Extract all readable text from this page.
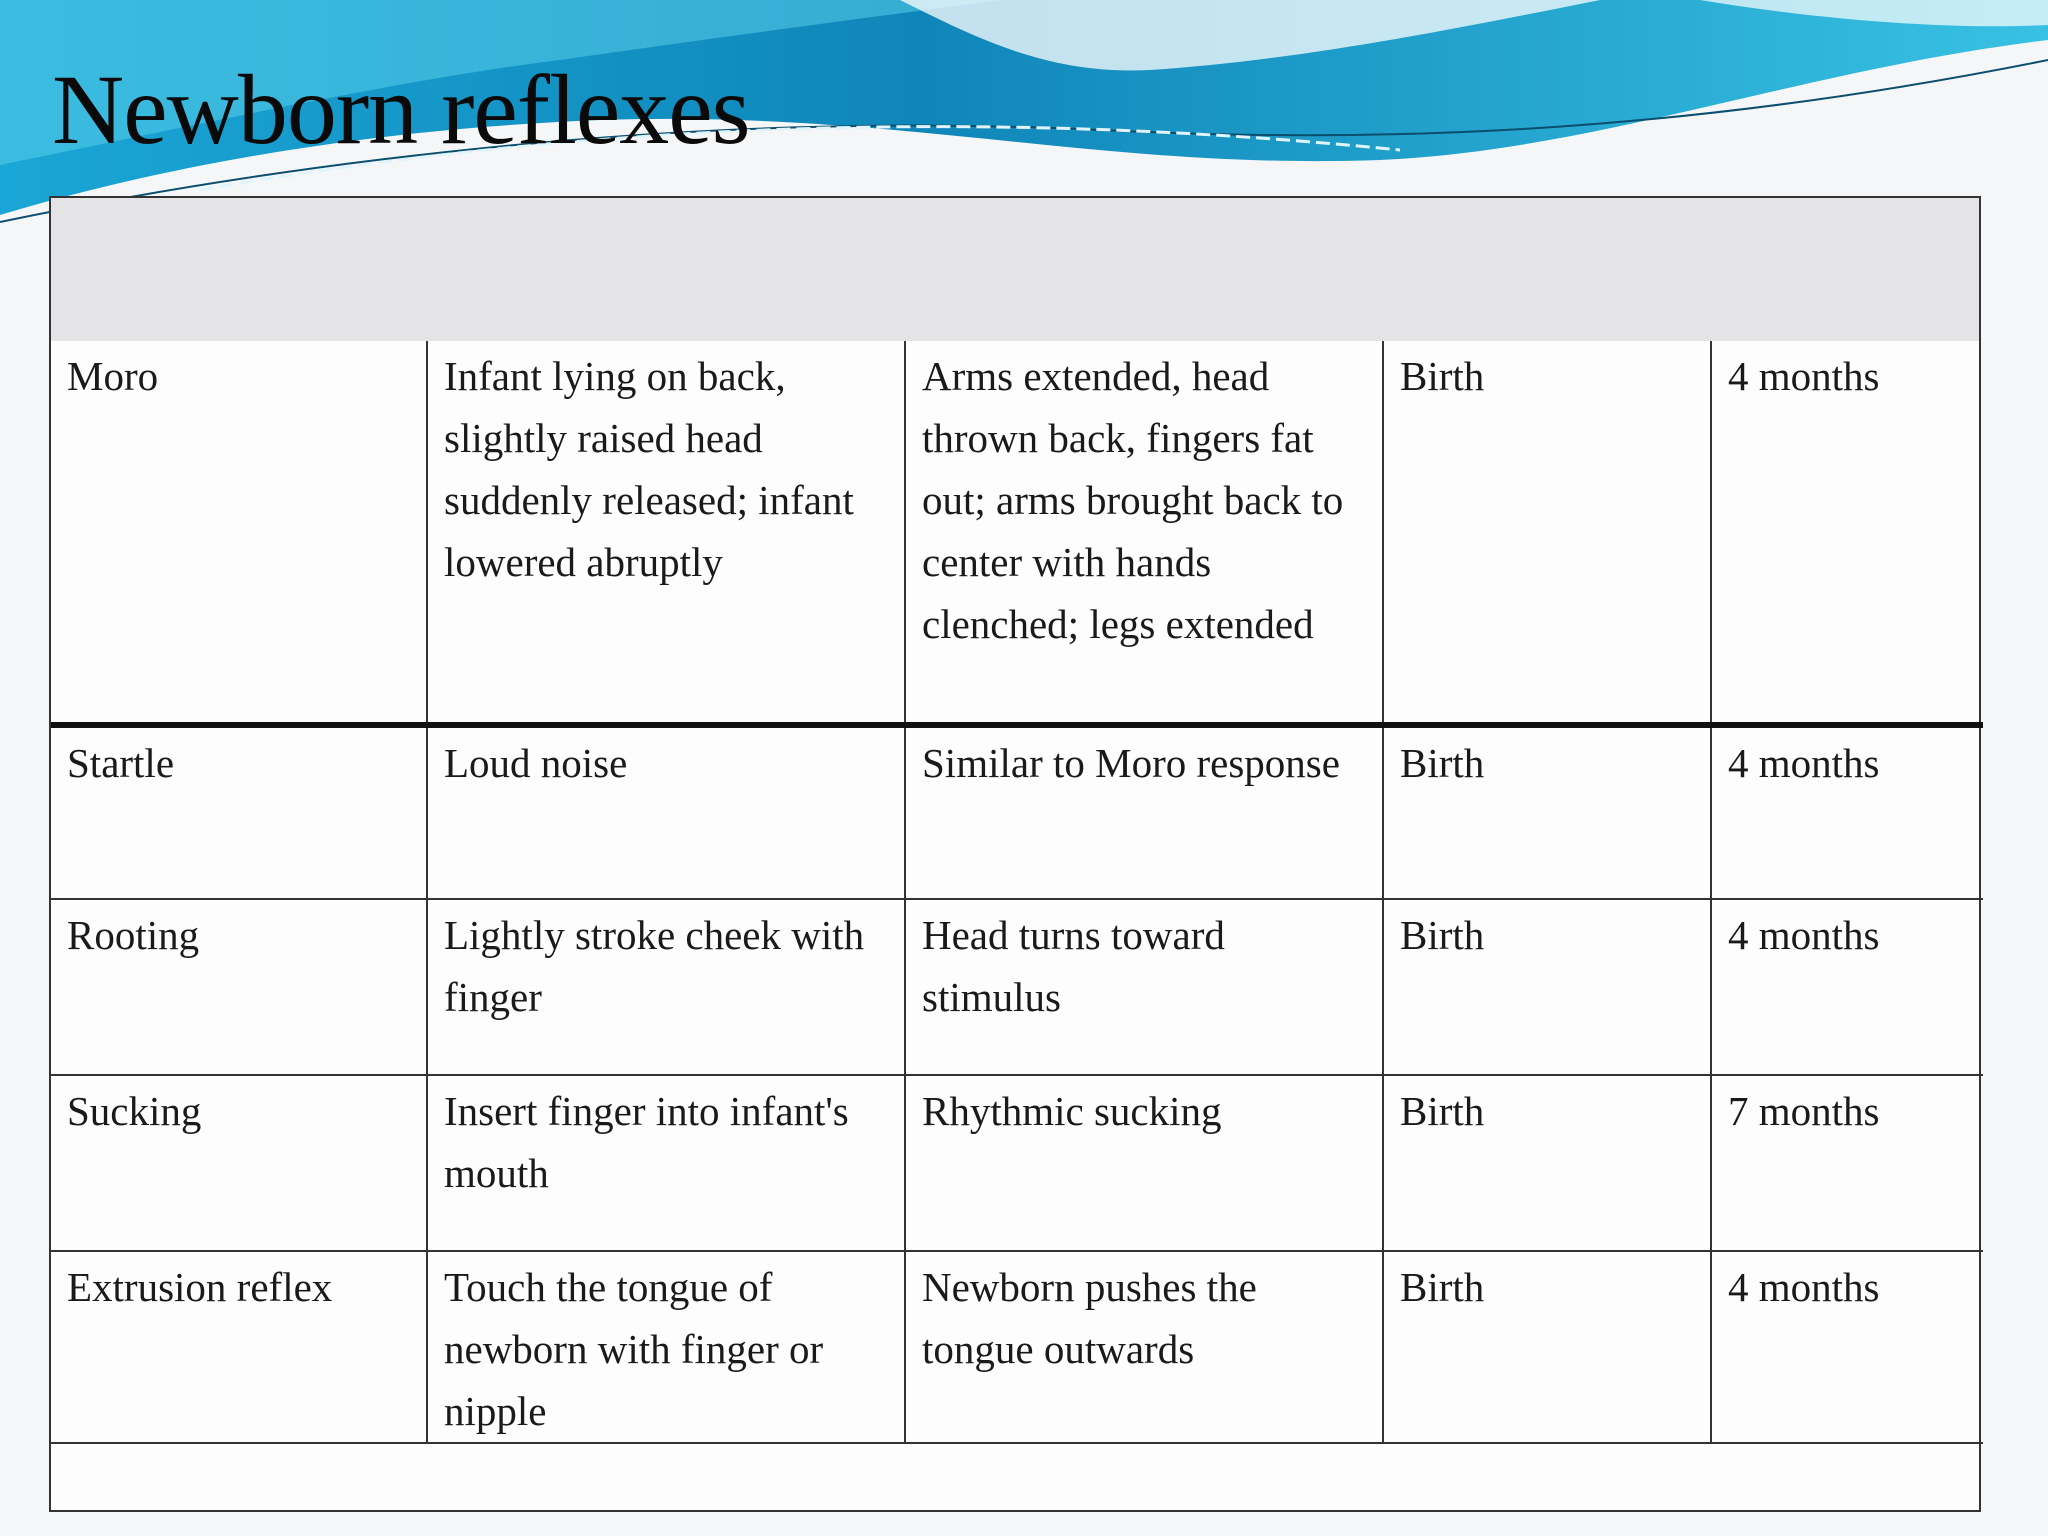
Newborn reflexes
Moro	Infant lying on back, slightly raised head suddenly released; infant lowered abruptly	Arms extended, head thrown back, fingers fat out; arms brought back to center with hands clenched; legs extended	Birth	4 months
Startle	Loud noise	Similar to Moro response	Birth	4 months
Rooting	Lightly stroke cheek with finger	Head turns toward stimulus	Birth	4 months
Sucking	Insert finger into infant's mouth	Rhythmic sucking	Birth	7 months
Extrusion reflex	Touch the tongue of newborn with finger or nipple	Newborn pushes the tongue outwards	Birth	4 months
